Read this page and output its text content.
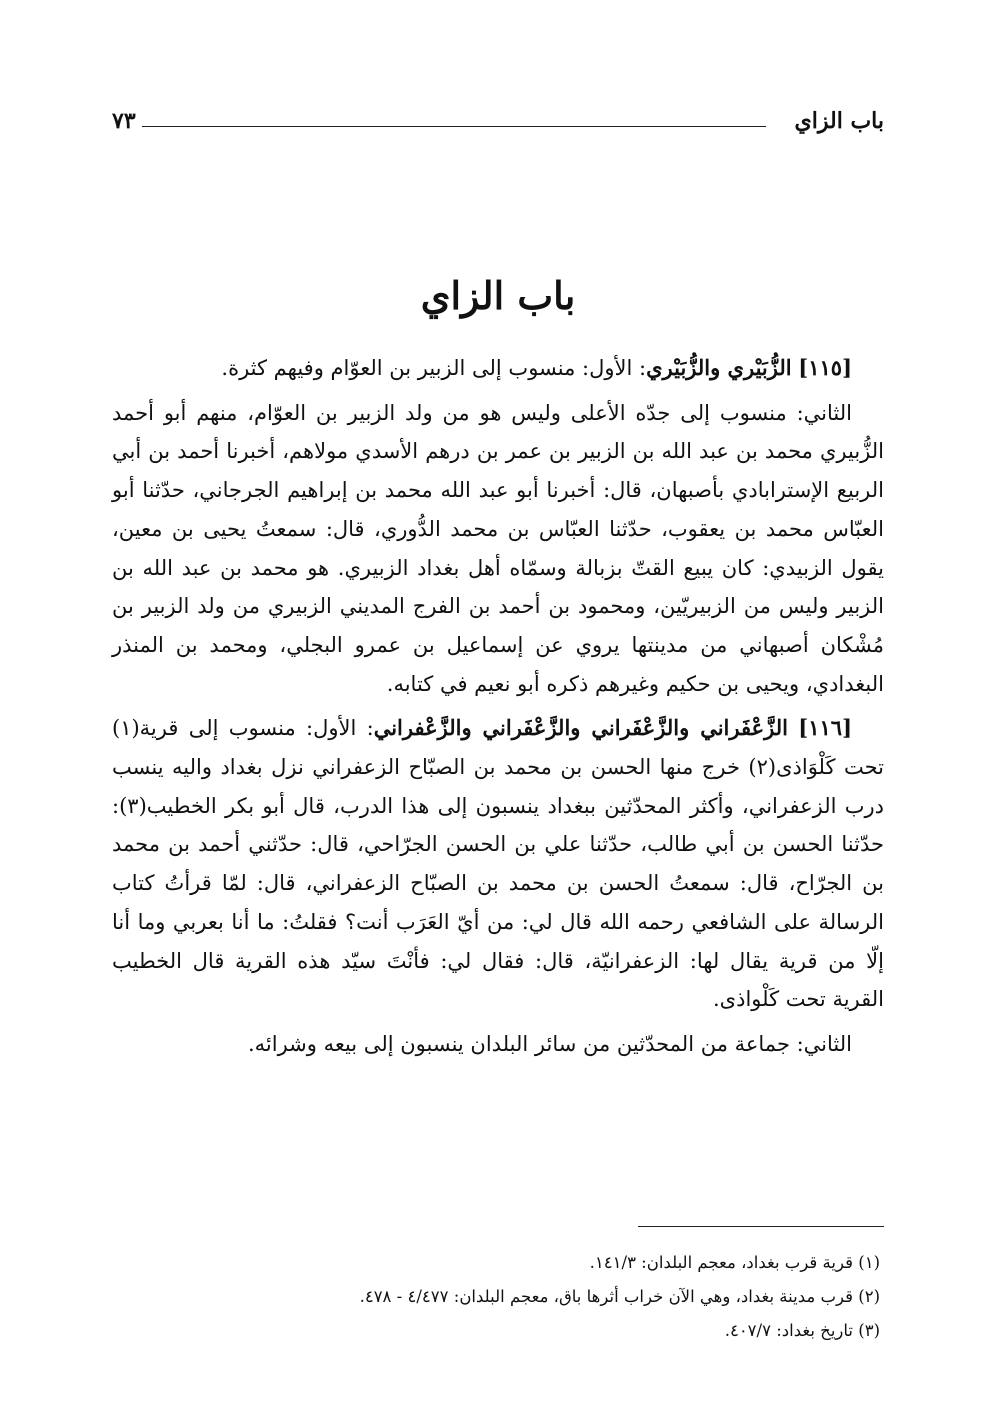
باب الزاي
٧٣
باب الزاي

[١١٥] الزُّبَيْري والزُّبَيْري: الأول: منسوب إلى الزبير بن العوّام وفيهم كثرة.

الثاني: منسوب إلى جدّه الأعلى وليس هو من ولد الزبير بن العوّام، منهم أبو أحمد الزُّبيري محمد بن عبد الله بن الزبير بن عمر بن درهم الأسدي مولاهم، أخبرنا أحمد بن أبي الربيع الإسترابادي بأصبهان، قال: أخبرنا أبو عبد الله محمد بن إبراهيم الجرجاني، حدّثنا أبو العبّاس محمد بن يعقوب، حدّثنا العبّاس بن محمد الدُّوري، قال: سمعتُ يحيى بن معين، يقول الزبيدي: كان يبيع القتّ بزبالة وسمّاه أهل بغداد الزبيري. هو محمد بن عبد الله بن الزبير وليس من الزبيريّين، ومحمود بن أحمد بن الفرج المديني الزبيري من ولد الزبير بن مُشْكان أصبهاني من مدينتها يروي عن إسماعيل بن عمرو البجلي، ومحمد بن المنذر البغدادي، ويحيى بن حكيم وغيرهم ذكره أبو نعيم في كتابه.

[١١٦] الزَّعْفَراني والزَّعْفَراني والزَّعْفَراني والزَّعْفراني: الأول: منسوب إلى قرية(١) تحت كَلْوَاذى(٢) خرج منها الحسن بن محمد بن الصبّاح الزعفراني نزل بغداد واليه ينسب درب الزعفراني، وأكثر المحدّثين ببغداد ينسبون إلى هذا الدرب، قال أبو بكر الخطيب(٣): حدّثنا الحسن بن أبي طالب، حدّثنا علي بن الحسن الجرّاحي، قال: حدّثني أحمد بن محمد بن الجرّاح، قال: سمعتُ الحسن بن محمد بن الصبّاح الزعفراني، قال: لمّا قرأتُ كتاب الرسالة على الشافعي رحمه الله قال لي: من أيّ العَرَب أنت؟ فقلتُ: ما أنا بعربي وما أنا إلّا من قرية يقال لها: الزعفرانيّة، قال: فقال لي: فأنْتَ سيّد هذه القرية قال الخطيب القرية تحت كَلْواذى.

الثاني: جماعة من المحدّثين من سائر البلدان ينسبون إلى بيعه وشرائه.

(١) قرية قرب بغداد، معجم البلدان: ١٤١/٣.
(٢) قرب مدينة بغداد، وهي الآن خراب أثرها باق، معجم البلدان: ٤/٤٧٧ - ٤٧٨.
(٣) تاريخ بغداد: ٤٠٧/٧.
